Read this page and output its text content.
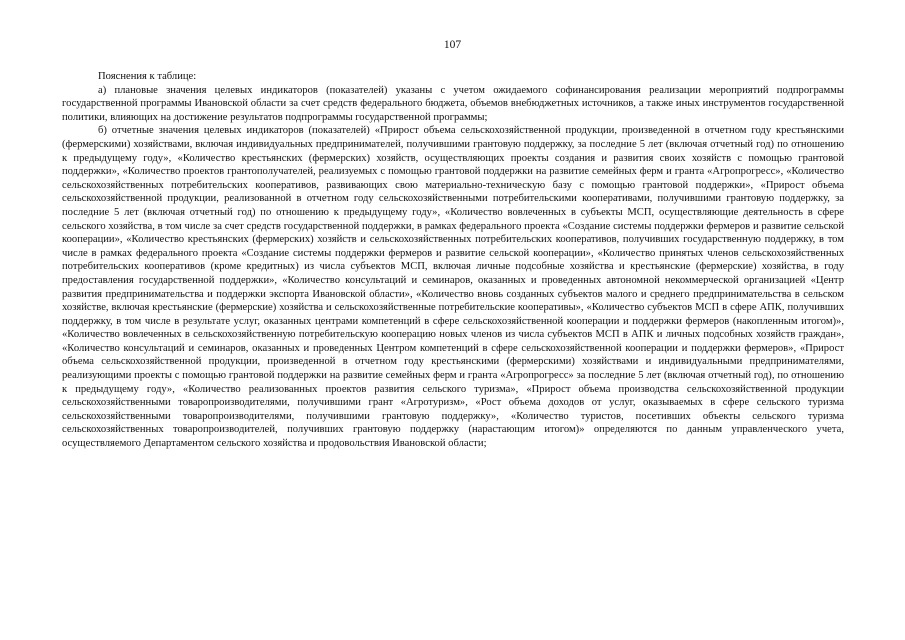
107

Пояснения к таблице:

а) плановые значения целевых индикаторов (показателей) указаны с учетом ожидаемого софинансирования реализации мероприятий подпрограммы государственной программы Ивановской области за счет средств федерального бюджета, объемов внебюджетных источников, а также иных инструментов государственной политики, влияющих на достижение результатов подпрограммы государственной программы;

б) отчетные значения целевых индикаторов (показателей) «Прирост объема сельскохозяйственной продукции, произведенной в отчетном году крестьянскими (фермерскими) хозяйствами, включая индивидуальных предпринимателей, получившими грантовую поддержку, за последние 5 лет (включая отчетный год) по отношению к предыдущему году», «Количество крестьянских (фермерских) хозяйств, осуществляющих проекты создания и развития своих хозяйств с помощью грантовой поддержки», «Количество проектов грантополучателей, реализуемых с помощью грантовой поддержки на развитие семейных ферм и гранта «Агропрогресс», «Количество сельскохозяйственных потребительских кооперативов, развивающих свою материально-техническую базу с помощью грантовой поддержки», «Прирост объема сельскохозяйственной продукции, реализованной в отчетном году сельскохозяйственными потребительскими кооперативами, получившими грантовую поддержку, за последние 5 лет (включая отчетный год) по отношению к предыдущему году», «Количество вовлеченных в субъекты МСП, осуществляющие деятельность в сфере сельского хозяйства, в том числе за счет средств государственной поддержки, в рамках федерального проекта «Создание системы поддержки фермеров и развитие сельской кооперации», «Количество крестьянских (фермерских) хозяйств и сельскохозяйственных потребительских кооперативов, получивших государственную поддержку, в том числе в рамках федерального проекта «Создание системы поддержки фермеров и развитие сельской кооперации», «Количество принятых членов сельскохозяйственных потребительских кооперативов (кроме кредитных) из числа субъектов МСП, включая личные подсобные хозяйства и крестьянские (фермерские) хозяйства, в году предоставления государственной поддержки», «Количество консультаций и семинаров, оказанных и проведенных автономной некоммерческой организацией «Центр развития предпринимательства и поддержки экспорта Ивановской области», «Количество вновь созданных субъектов малого и среднего предпринимательства в сельском хозяйстве, включая крестьянские (фермерские) хозяйства и сельскохозяйственные потребительские кооперативы», «Количество субъектов МСП в сфере АПК, получивших поддержку, в том числе в результате услуг, оказанных центрами компетенций в сфере сельскохозяйственной кооперации и поддержки фермеров (накопленным итогом)», «Количество вовлеченных в сельскохозяйственную потребительскую кооперацию новых членов из числа субъектов МСП в АПК и личных подсобных хозяйств граждан», «Количество консультаций и семинаров, оказанных и проведенных Центром компетенций в сфере сельскохозяйственной кооперации и поддержки фермеров», «Прирост объема сельскохозяйственной продукции, произведенной в отчетном году крестьянскими (фермерскими) хозяйствами и индивидуальными предпринимателями, реализующими проекты с помощью грантовой поддержки на развитие семейных ферм и гранта «Агропрогресс» за последние 5 лет (включая отчетный год), по отношению к предыдущему году», «Количество реализованных проектов развития сельского туризма», «Прирост объема производства сельскохозяйственной продукции сельскохозяйственными товаропроизводителями, получившими грант «Агротуризм», «Рост объема доходов от услуг, оказываемых в сфере сельского туризма сельскохозяйственными товаропроизводителями, получившими грантовую поддержку», «Количество туристов, посетивших объекты сельского туризма сельскохозяйственных товаропроизводителей, получивших грантовую поддержку (нарастающим итогом)» определяются по данным управленческого учета, осуществляемого Департаментом сельского хозяйства и продовольствия Ивановской области;
